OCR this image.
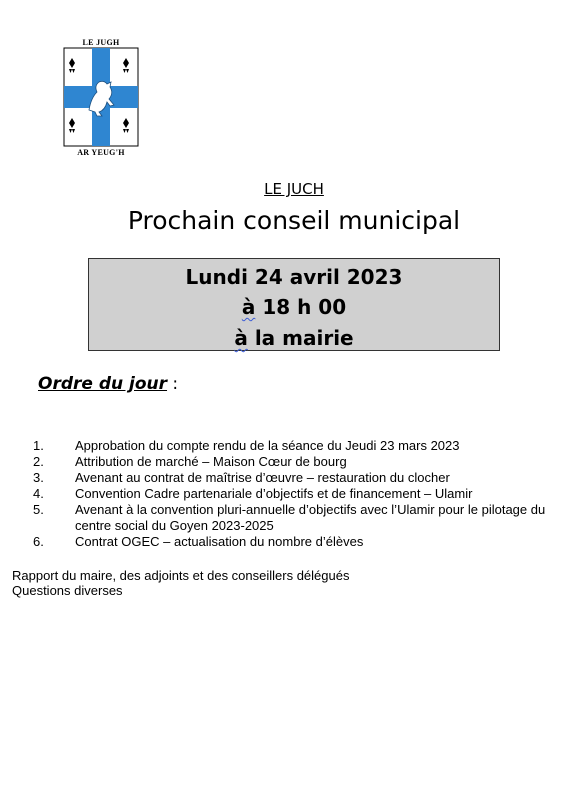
LE JUGH
AR YEUG'H
LE JUCH
Prochain conseil municipal
Lundi 24 avril 2023
à 18 h 00
à la mairie
Ordre du jour :
1. Approbation du compte rendu de la séance du Jeudi 23 mars 2023
2. Attribution de marché – Maison Cœur de bourg
3. Avenant au contrat de maîtrise d’œuvre – restauration du clocher
4. Convention Cadre partenariale d’objectifs et de financement – Ulamir
5. Avenant à la convention pluri-annuelle d’objectifs avec l’Ulamir pour le pilotage du centre social du Goyen 2023-2025
6. Contrat OGEC – actualisation du nombre d’élèves
Rapport du maire, des adjoints et des conseillers délégués
Questions diverses
